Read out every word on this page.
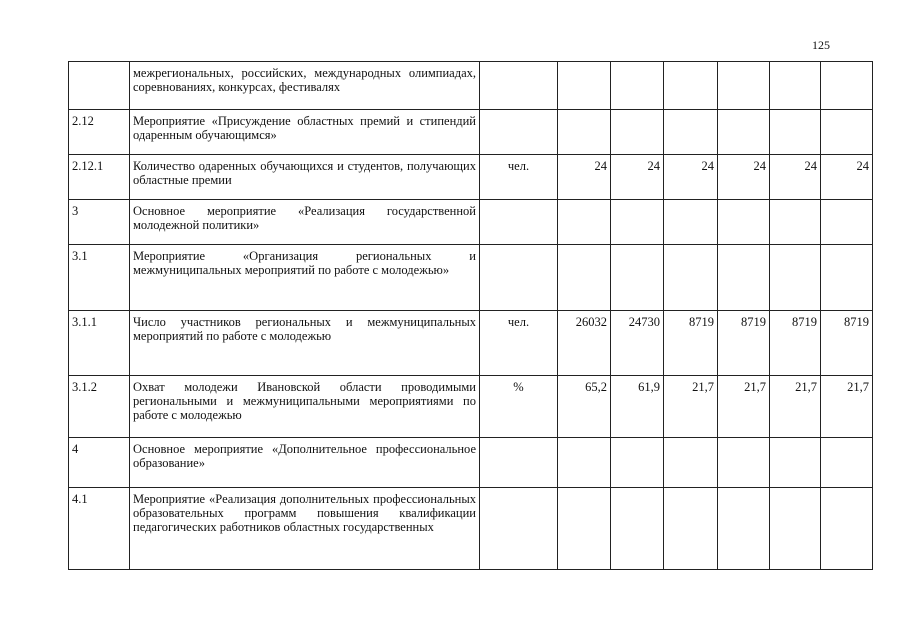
125
	межрегиональных, российских, международных олимпиадах, соревнованиях, конкурсах, фестивалях							
2.12	Мероприятие «Присуждение областных премий и стипендий одаренным обучающимся»							
2.12.1	Количество одаренных обучающихся и студентов, получающих областные премии	чел.	24	24	24	24	24	24
3	Основное мероприятие «Реализация государственной молодежной политики»							
3.1	Мероприятие «Организация региональных и межмуниципальных мероприятий по работе с молодежью»							
3.1.1	Число участников региональных и межмуниципальных мероприятий по работе с молодежью	чел.	26032	24730	8719	8719	8719	8719
3.1.2	Охват молодежи Ивановской области проводимыми региональными и межмуниципальными мероприятиями по работе с молодежью	%	65,2	61,9	21,7	21,7	21,7	21,7
4	Основное мероприятие «Дополнительное профессиональное образование»							
4.1	Мероприятие «Реализация дополнительных профессиональных образовательных программ повышения квалификации педагогических работников областных государственных							
